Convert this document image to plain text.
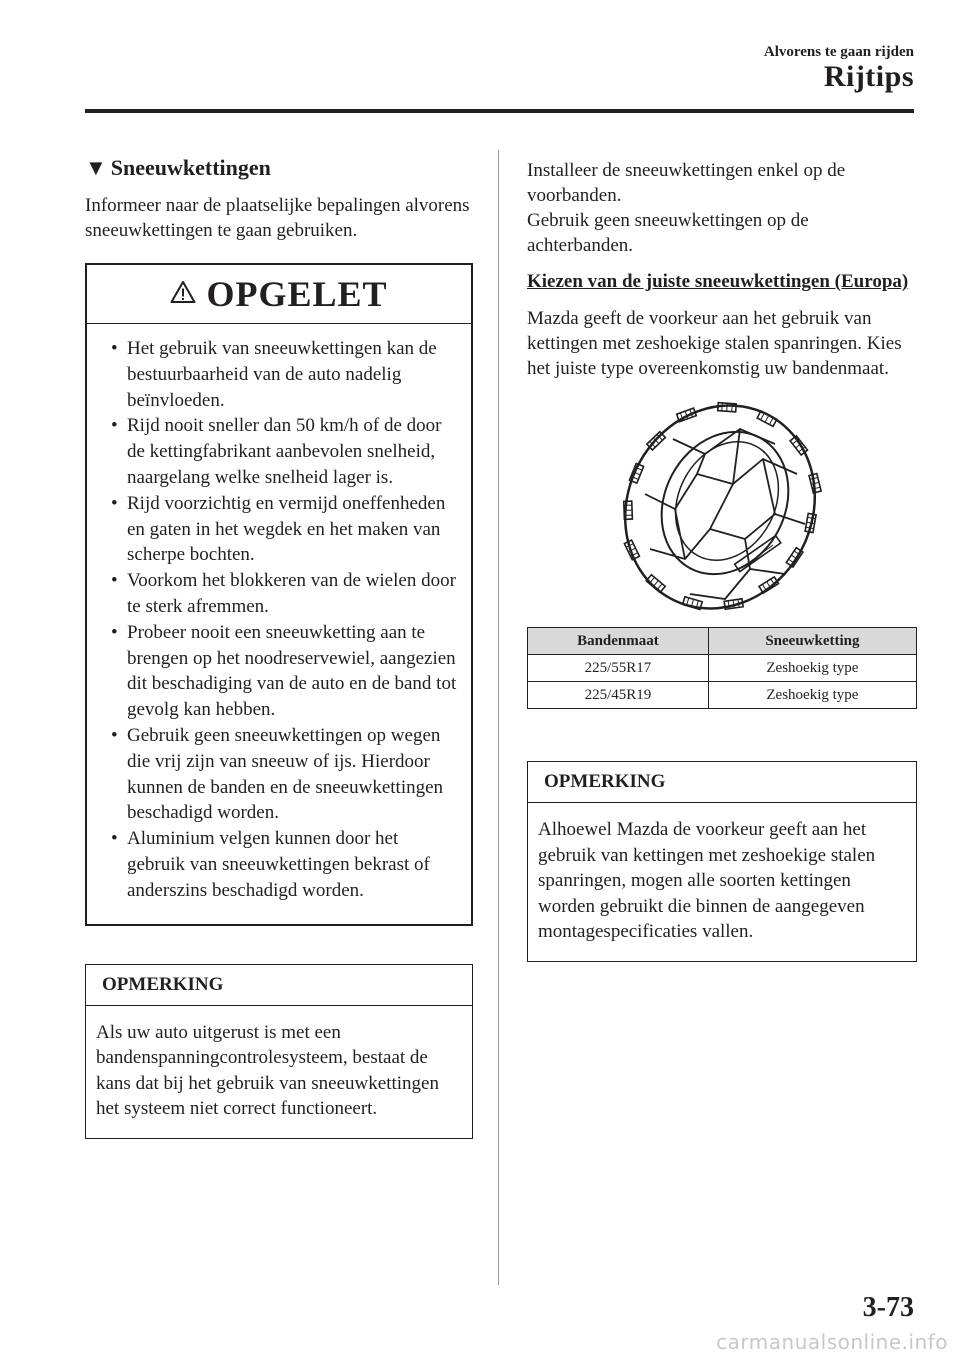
Alvorens te gaan rijden
Rijtips
▼ Sneeuwkettingen

Informeer naar de plaatselijke bepalingen alvorens sneeuwkettingen te gaan gebruiken.

OPGELET

• Het gebruik van sneeuwkettingen kan de bestuurbaarheid van de auto nadelig beïnvloeden.

• Rijd nooit sneller dan 50 km/h of de door de kettingfabrikant aanbevolen snelheid, naargelang welke snelheid lager is.

• Rijd voorzichtig en vermijd oneffenheden en gaten in het wegdek en het maken van scherpe bochten.

• Voorkom het blokkeren van de wielen door te sterk afremmen.

• Probeer nooit een sneeuwketting aan te brengen op het noodreservewiel, aangezien dit beschadiging van de auto en de band tot gevolg kan hebben.

• Gebruik geen sneeuwkettingen op wegen die vrij zijn van sneeuw of ijs. Hierdoor kunnen de banden en de sneeuwkettingen beschadigd worden.

• Aluminium velgen kunnen door het gebruik van sneeuwkettingen bekrast of anderszins beschadigd worden.

OPMERKING
Als uw auto uitgerust is met een bandenspanningcontrolesysteem, bestaat de kans dat bij het gebruik van sneeuwkettingen het systeem niet correct functioneert.

Installeer de sneeuwkettingen enkel op de voorbanden.

Gebruik geen sneeuwkettingen op de achterbanden.

Kiezen van de juiste sneeuwkettingen (Europa)

Mazda geeft de voorkeur aan het gebruik van kettingen met zeshoekige stalen spanringen. Kies het juiste type overeenkomstig uw bandenmaat.

Bandenmaat	Sneeuwketting
225/55R17	Zeshoekig type
225/45R19	Zeshoekig type
OPMERKING
Alhoewel Mazda de voorkeur geeft aan het gebruik van kettingen met zeshoekige stalen spanringen, mogen alle soorten kettingen worden gebruikt die binnen de aangegeven montagespecificaties vallen.
3-73
carmanualsonline.info
